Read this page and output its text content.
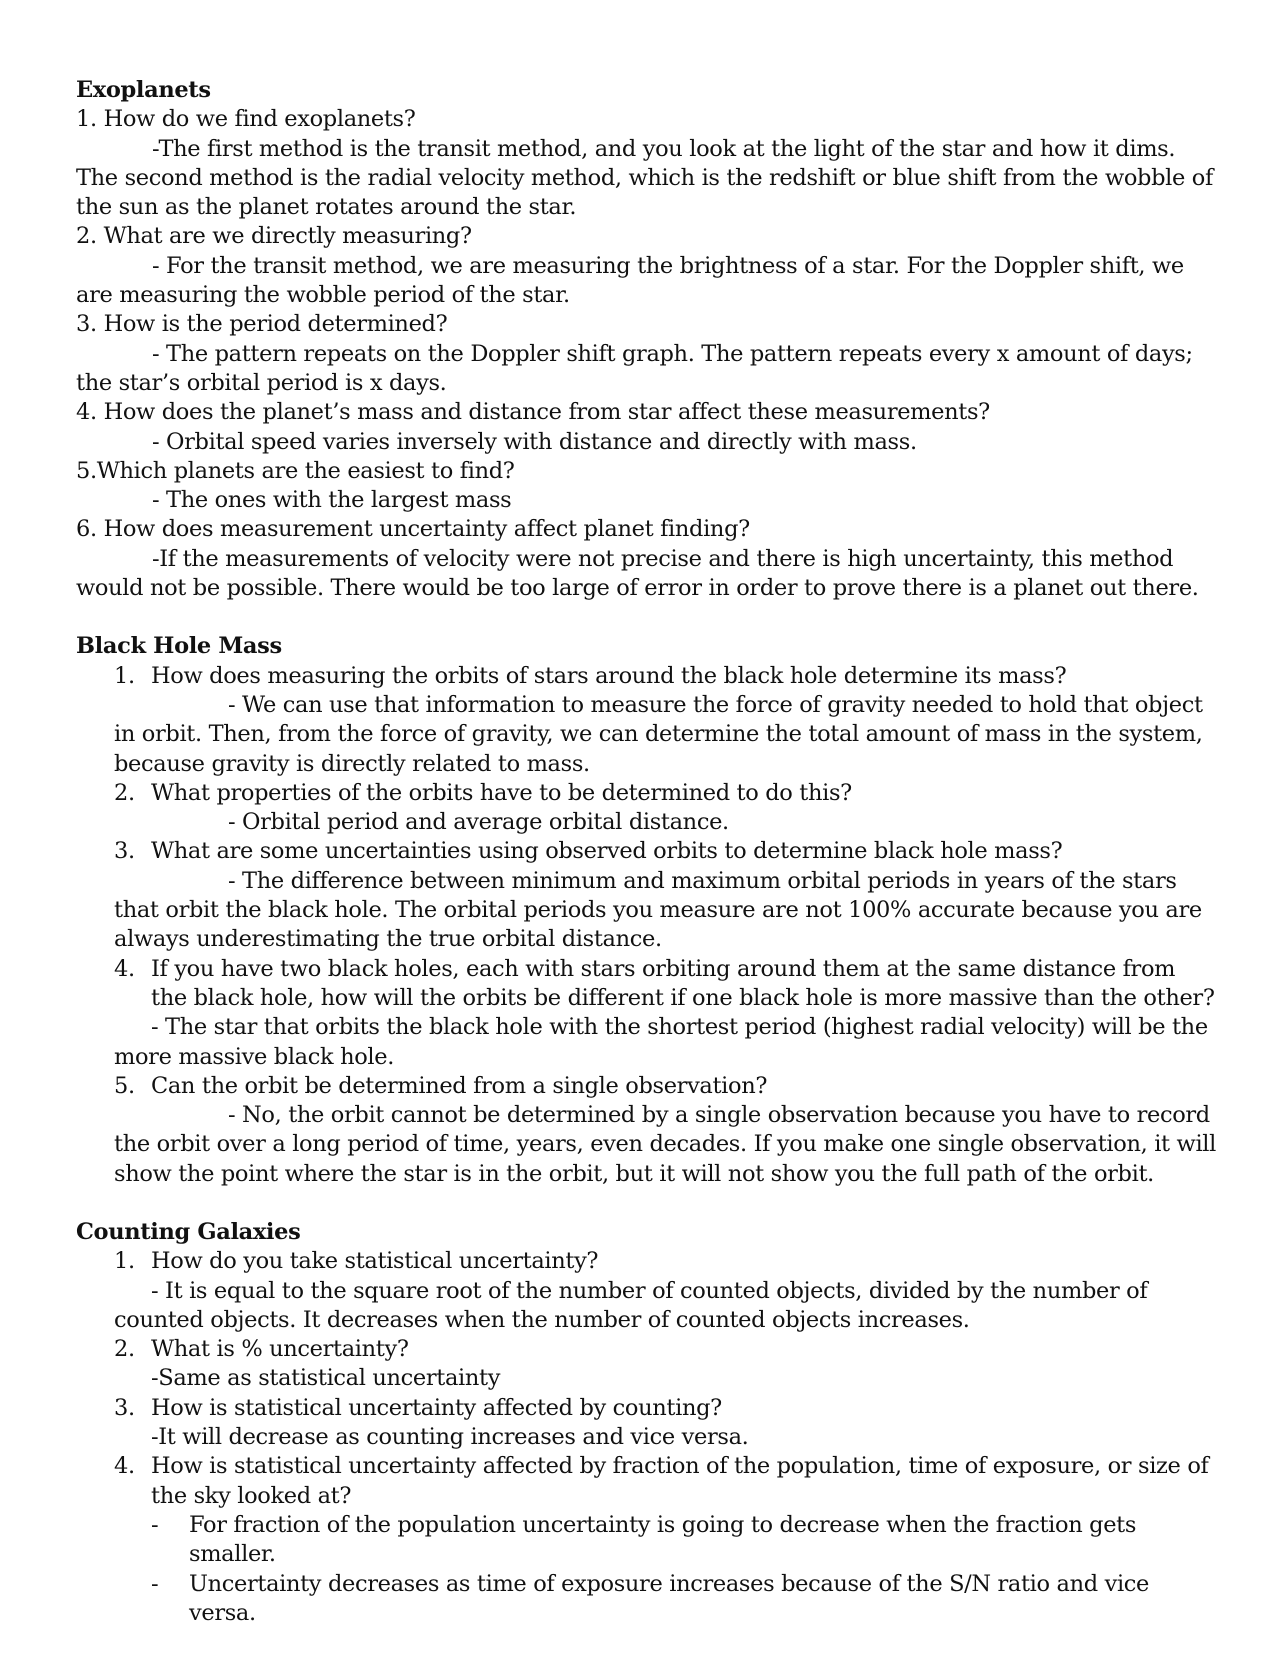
Exoplanets

1. How do we find exoplanets?

-The first method is the transit method, and you look at the light of the star and how it dims. The second method is the radial velocity method, which is the redshift or blue shift from the wobble of the sun as the planet rotates around the star.

2. What are we directly measuring?

- For the transit method, we are measuring the brightness of a star. For the Doppler shift, we are measuring the wobble period of the star.

3. How is the period determined?

- The pattern repeats on the Doppler shift graph. The pattern repeats every x amount of days; the star’s orbital period is x days.

4. How does the planet’s mass and distance from star affect these measurements?

- Orbital speed varies inversely with distance and directly with mass.

5.Which planets are the easiest to find?

- The ones with the largest mass

6. How does measurement uncertainty affect planet finding?

-If the measurements of velocity were not precise and there is high uncertainty, this method would not be possible. There would be too large of error in order to prove there is a planet out there.

Black Hole Mass

1. How does measuring the orbits of stars around the black hole determine its mass?

- We can use that information to measure the force of gravity needed to hold that object in orbit. Then, from the force of gravity, we can determine the total amount of mass in the system, because gravity is directly related to mass.

2. What properties of the orbits have to be determined to do this?

- Orbital period and average orbital distance.

3. What are some uncertainties using observed orbits to determine black hole mass?

- The difference between minimum and maximum orbital periods in years of the stars that orbit the black hole. The orbital periods you measure are not 100% accurate because you are always underestimating the true orbital distance.

4. If you have two black holes, each with stars orbiting around them at the same distance from the black hole, how will the orbits be different if one black hole is more massive than the other?

- The star that orbits the black hole with the shortest period (highest radial velocity) will be the more massive black hole.

5. Can the orbit be determined from a single observation?

- No, the orbit cannot be determined by a single observation because you have to record the orbit over a long period of time, years, even decades. If you make one single observation, it will show the point where the star is in the orbit, but it will not show you the full path of the orbit.

Counting Galaxies

1. How do you take statistical uncertainty?

- It is equal to the square root of the number of counted objects, divided by the number of counted objects. It decreases when the number of counted objects increases.

2. What is % uncertainty?

-Same as statistical uncertainty

3. How is statistical uncertainty affected by counting?

-It will decrease as counting increases and vice versa.

4. How is statistical uncertainty affected by fraction of the population, time of exposure, or size of the sky looked at?
-	For fraction of the population uncertainty is going to decrease when the fraction gets smaller.
-	Uncertainty decreases as time of exposure increases because of the S/N ratio and vice versa.
